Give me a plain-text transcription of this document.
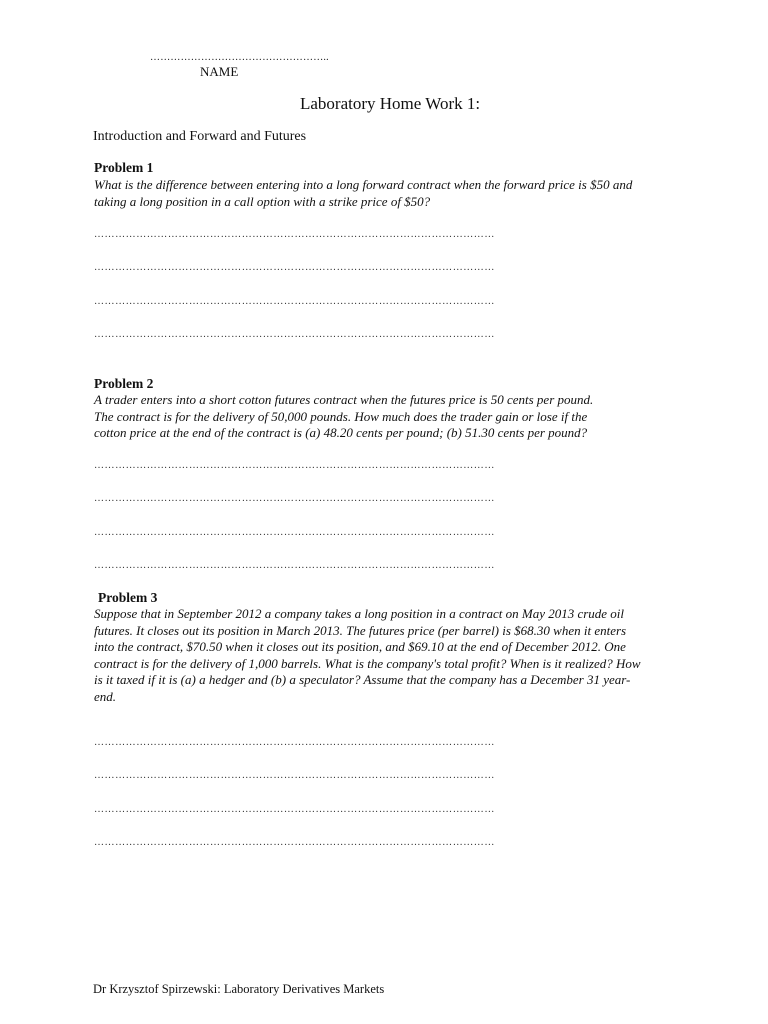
……………………………………………..
NAME
Laboratory Home Work 1:
Introduction and Forward and Futures
Problem 1
What is the difference between entering into a long forward contract when the forward price is $50 and
taking a long position in a call option with a strike price of $50?
……………………………………………………………………………………………………
……………………………………………………………………………………………………
……………………………………………………………………………………………………
……………………………………………………………………………………………………
Problem 2
A trader enters into a short cotton futures contract when the futures price is 50 cents per pound.
The contract is for the delivery of 50,000 pounds. How much does the trader gain or lose if the
cotton price at the end of the contract is (a) 48.20 cents per pound; (b) 51.30 cents per pound?
……………………………………………………………………………………………………
……………………………………………………………………………………………………
……………………………………………………………………………………………………
……………………………………………………………………………………………………
Problem 3
Suppose that in September 2012 a company takes a long position in a contract on May 2013 crude oil
futures. It closes out its position in March 2013. The futures price (per barrel) is $68.30 when it enters
into the contract, $70.50 when it closes out its position, and $69.10 at the end of December 2012. One
contract is for the delivery of 1,000 barrels. What is the company's total profit? When is it realized? How
is it taxed if it is (a) a hedger and (b) a speculator? Assume that the company has a December 31 year-
end.
……………………………………………………………………………………………………
……………………………………………………………………………………………………
……………………………………………………………………………………………………
……………………………………………………………………………………………………
Dr Krzysztof Spirzewski: Laboratory Derivatives Markets
